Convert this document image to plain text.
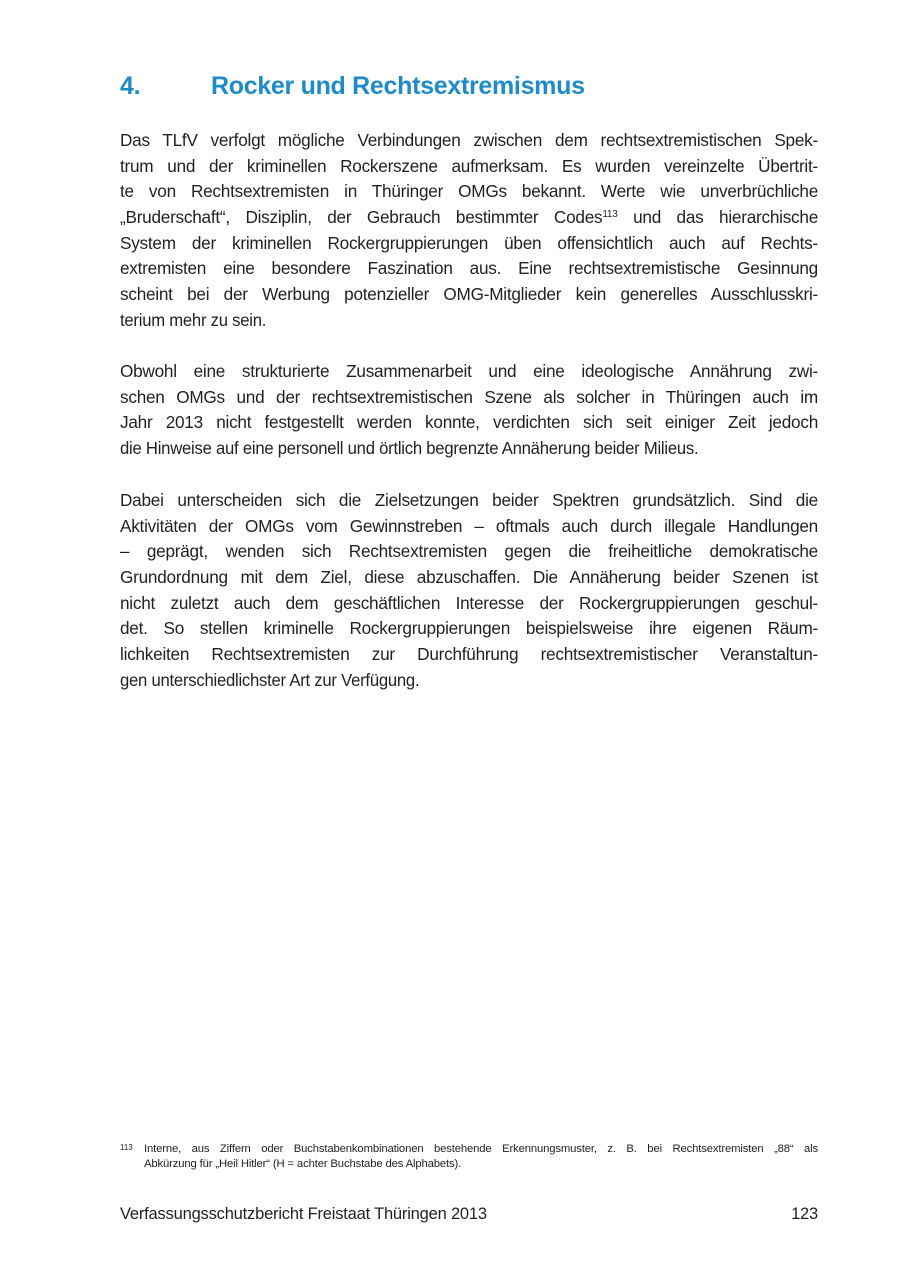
4.	Rocker und Rechtsextremismus
Das TLfV verfolgt mögliche Verbindungen zwischen dem rechtsextremistischen Spek-
trum und der kriminellen Rockerszene aufmerksam. Es wurden vereinzelte Übertrit-
te von Rechtsextremisten in Thüringer OMGs bekannt. Werte wie unverbrüchliche
„Bruderschaft“, Disziplin, der Gebrauch bestimmter Codes$^{113}$ und das hierarchische
System der kriminellen Rockergruppierungen üben offensichtlich auch auf Rechts-
extremisten eine besondere Faszination aus. Eine rechtsextremistische Gesinnung
scheint bei der Werbung potenzieller OMG-Mitglieder kein generelles Ausschlusskri-
terium mehr zu sein.
Obwohl eine strukturierte Zusammenarbeit und eine ideologische Annährung zwi-
schen OMGs und der rechtsextremistischen Szene als solcher in Thüringen auch im
Jahr 2013 nicht festgestellt werden konnte, verdichten sich seit einiger Zeit jedoch
die Hinweise auf eine personell und örtlich begrenzte Annäherung beider Milieus.
Dabei unterscheiden sich die Zielsetzungen beider Spektren grundsätzlich. Sind die
Aktivitäten der OMGs vom Gewinnstreben – oftmals auch durch illegale Handlungen
– geprägt, wenden sich Rechtsextremisten gegen die freiheitliche demokratische
Grundordnung mit dem Ziel, diese abzuschaffen. Die Annäherung beider Szenen ist
nicht zuletzt auch dem geschäftlichen Interesse der Rockergruppierungen geschul-
det. So stellen kriminelle Rockergruppierungen beispielsweise ihre eigenen Räum-
lichkeiten Rechtsextremisten zur Durchführung rechtsextremistischer Veranstaltun-
gen unterschiedlichster Art zur Verfügung.
113 Interne, aus Ziffern oder Buchstabenkombinationen bestehende Erkennungsmuster, z. B. bei Rechtsextremisten „88“ als
Abkürzung für „Heil Hitler“ (H = achter Buchstabe des Alphabets).
Verfassungsschutzbericht Freistaat Thüringen 2013	123
